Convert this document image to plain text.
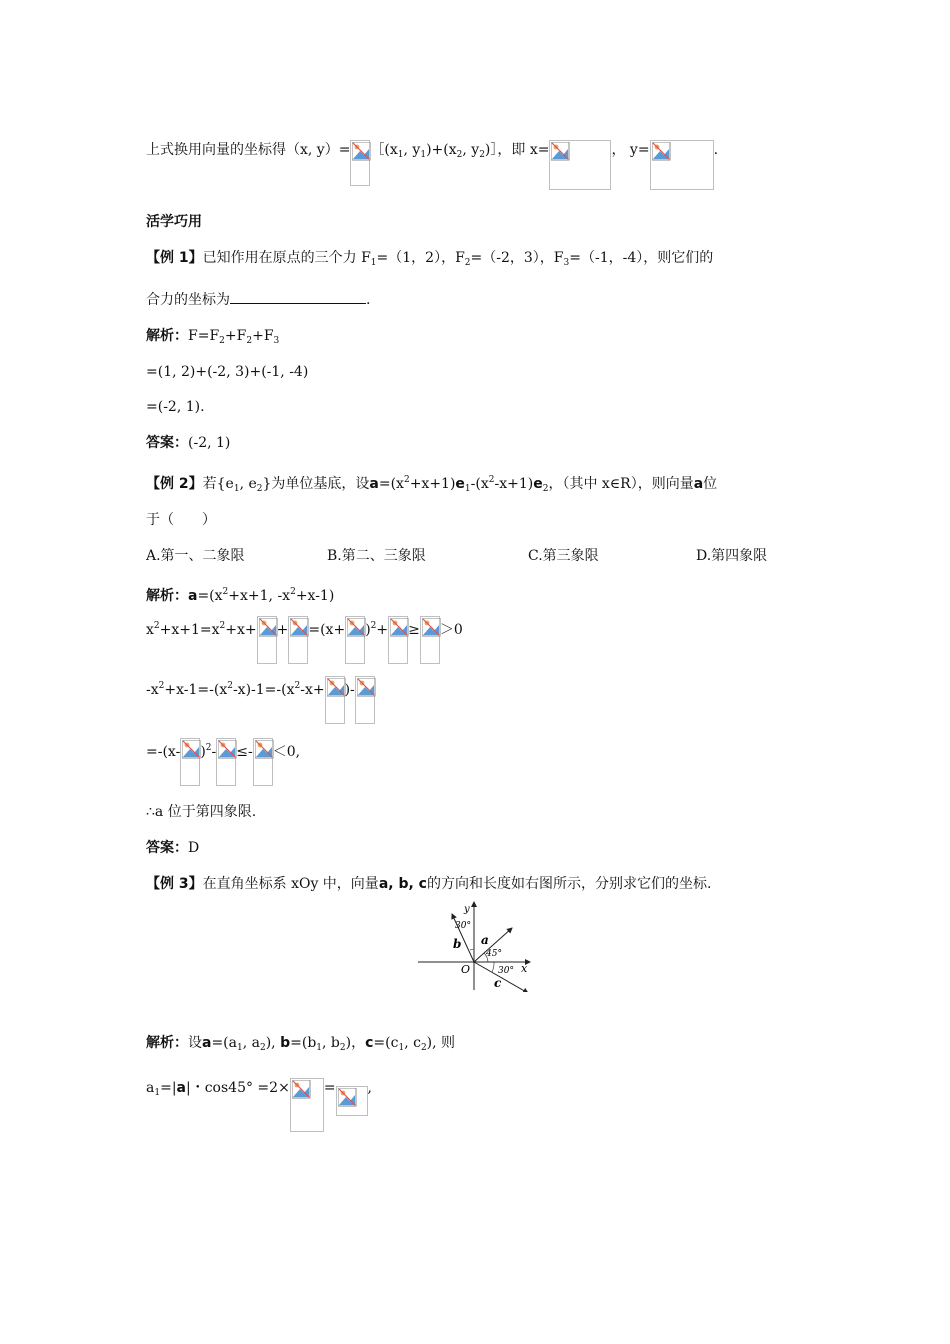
上式换用向量的坐标得（x, $y)= [(x_1$, $y_1)+(x_2$, $y_2)]$，即 x=	， y=	.
活学巧用
【例 1】已知作用在原点的三个力 $F_1=(1$，2），$F_2=(-2$，3），$F_3=(-1$，-4），则它们的
合力的坐标为	.
解析：$F=F_2+F_2+F_3$
=(1, 2)+(-2, 3)+(-1, -4)
=(-2, 1).
答案：(-2, 1)
【例 2】若{$e_1$, $e_2$}为单位基底，设$a=(x^2+x+1)e_1-(x^2-x+1)e_2$，（其中 x∈R），则向量a位
于（　　）
A.第一、二象限	B.第二、三象限	C.第三象限	D.第四象限
解析：$a=(x^2+x+1$, $-x^2+x-1$)
$x^2+x+1=x^2+x+ + =(x+ )^2+ \ge >0$
$-x^2+x-1=-(x^2-x)-1=-(x^2-x+$ )-
=-(x- )$^2$- ≤- ＜0,
∴a 位于第四象限.
答案：D
【例 3】在直角坐标系 xOy 中，向量a, b, c的方向和长度如右图所示，分别求它们的坐标.
y
x
O
a
b
c
30°
45°
30°
解析：设$a=(a_1$, $a_2$), $b=(b_1$, $b_2$)，$c=(c_1$, $c_2$), 则
$a_1=|a|$・cos45° =2× = ,
